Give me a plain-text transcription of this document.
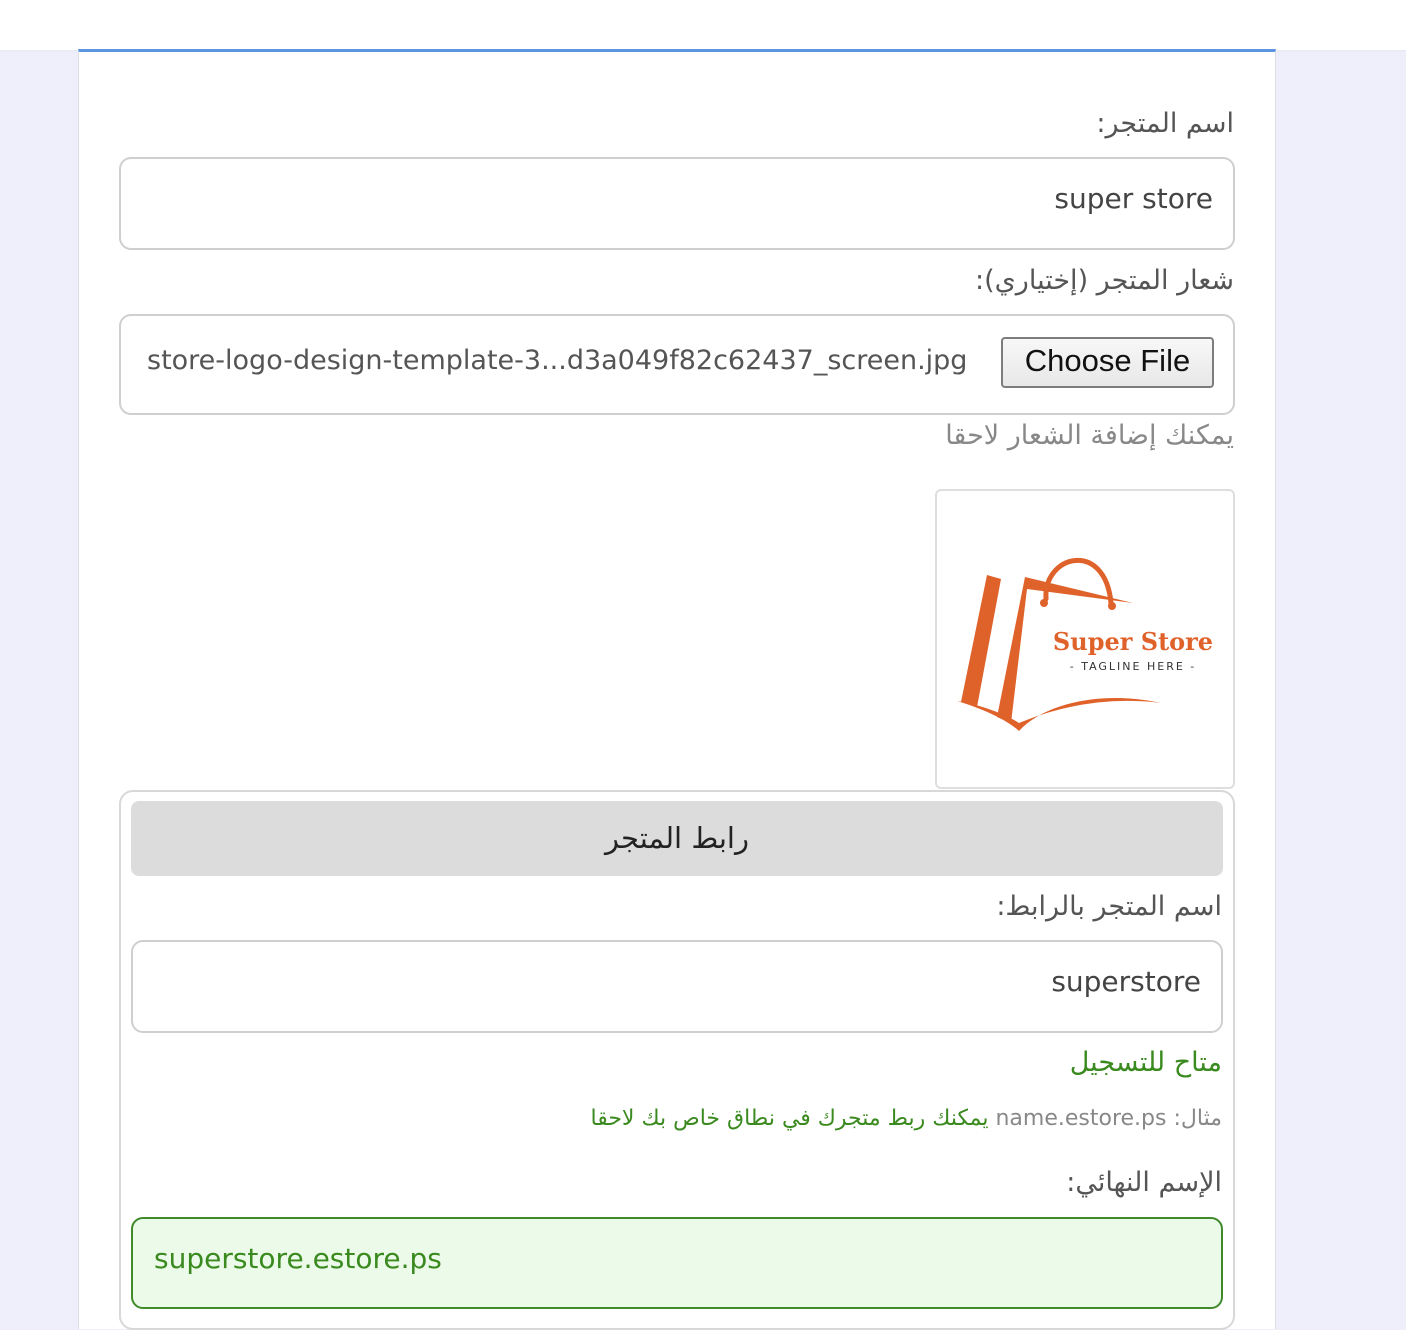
اسم المتجر:
super store
شعار المتجر (إختياري):
Choose File
store-logo-design-template-3...d3a049f82c62437_screen.jpg
يمكنك إضافة الشعار لاحقا
Super Store
- TAGLINE HERE -
رابط المتجر
اسم المتجر بالرابط:
superstore
متاح للتسجيل
مثال: name.estore.ps يمكنك ربط متجرك في نطاق خاص بك لاحقا
الإسم النهائي:
superstore.estore.ps
